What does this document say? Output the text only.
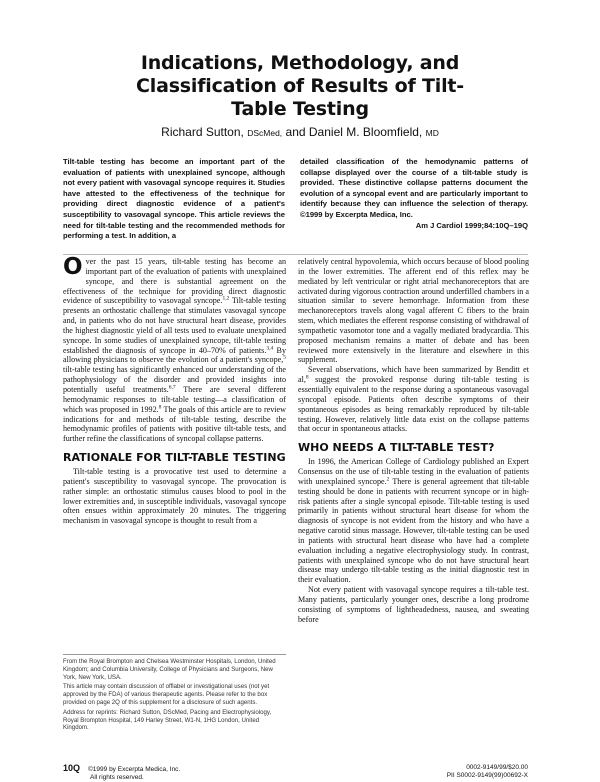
Indications, Methodology, and
Classification of Results of Tilt-
Table Testing
Richard Sutton, DScMed, and Daniel M. Bloomfield, MD
Tilt-table testing has become an important part of the evaluation of patients with unexplained syncope, although not every patient with vasovagal syncope requires it. Studies have attested to the effectiveness of the technique for providing direct diagnostic evidence of a patient's susceptibility to vasovagal syncope. This article reviews the need for tilt-table testing and the recommended methods for performing a test. In addition, a
detailed classification of the hemodynamic patterns of collapse displayed over the course of a tilt-table study is provided. These distinctive collapse patterns document the evolution of a syncopal event and are particularly important to identify because they can influence the selection of therapy. ©1999 by Excerpta Medica, Inc.
Am J Cardiol 1999;84:10Q–19Q

Over the past 15 years, tilt-table testing has become an important part of the evaluation of patients with unexplained syncope, and there is substantial agreement on the effectiveness of the technique for providing direct diagnostic evidence of susceptibility to vasovagal syncope.$^{1,2}$ Tilt-table testing presents an orthostatic challenge that stimulates vasovagal syncope and, in patients who do not have structural heart disease, provides the highest diagnostic yield of all tests used to evaluate unexplained syncope. In some studies of unexplained syncope, tilt-table testing established the diagnosis of syncope in 40–70% of patients.$^{3,4}$ By allowing physicians to observe the evolution of a patient's syncope,$^5$ tilt-table testing has significantly enhanced our understanding of the pathophysiology of the disorder and provided insights into potentially useful treatments.$^{6,7}$ There are several different hemodynamic responses to tilt-table testing—a classification of which was proposed in 1992.$^8$ The goals of this article are to review indications for and methods of tilt-table testing, describe the hemodynamic profiles of patients with positive tilt-table tests, and further refine the classifications of syncopal collapse patterns.

RATIONALE FOR TILT-TABLE TESTING

Tilt-table testing is a provocative test used to determine a patient's susceptibility to vasovagal syncope. The provocation is rather simple: an orthostatic stimulus causes blood to pool in the lower extremities and, in susceptible individuals, vasovagal syncope often ensues within approximately 20 minutes. The triggering mechanism in vasovagal syncope is thought to result from a

relatively central hypovolemia, which occurs because of blood pooling in the lower extremities. The afferent end of this reflex may be mediated by left ventricular or right atrial mechanoreceptors that are activated during vigorous contraction around underfilled chambers in a situation similar to severe hemorrhage. Information from these mechanoreceptors travels along vagal afferent C fibers to the brain stem, which mediates the efferent response consisting of withdrawal of sympathetic vasomotor tone and a vagally mediated bradycardia. This proposed mechanism remains a matter of debate and has been reviewed more extensively in the literature and elsewhere in this supplement.

Several observations, which have been summarized by Benditt et al,$^8$ suggest the provoked response during tilt-table testing is essentially equivalent to the response during a spontaneous vasovagal syncopal episode. Patients often describe symptoms of their spontaneous episodes as being remarkably reproduced by tilt-table testing. However, relatively little data exist on the collapse patterns that occur in spontaneous attacks.

WHO NEEDS A TILT-TABLE TEST?

In 1996, the American College of Cardiology published an Expert Consensus on the use of tilt-table testing in the evaluation of patients with unexplained syncope.$^2$ There is general agreement that tilt-table testing should be done in patients with recurrent syncope or in high-risk patients after a single syncopal episode. Tilt-table testing is used primarily in patients without structural heart disease for whom the diagnosis of syncope is not evident from the history and who have a negative carotid sinus massage. However, tilt-table testing can be used in patients with structural heart disease who have had a complete evaluation including a negative electrophysiology study. In contrast, patients with unexplained syncope who do not have structural heart disease may undergo tilt-table testing as the initial diagnostic test in their evaluation.

Not every patient with vasovagal syncope requires a tilt-table test. Many patients, particularly younger ones, describe a long prodrome consisting of symptoms of lightheadedness, nausea, and sweating before

From the Royal Brompton and Chelsea Westminster Hospitals, London, United Kingdom; and Columbia University, College of Physicians and Surgeons, New York, New York, USA.

This article may contain discussion of offlabel or investigational uses (not yet approved by the FDA) of various therapeutic agents. Please refer to the box provided on page 2Q of this supplement for a disclosure of such agents.

Address for reprints: Richard Sutton, DScMed, Pacing and Electrophysiology, Royal Brompton Hospital, 149 Harley Street, W1-N, 1HG London, United Kingdom.

10Q ©1999 by Excerpta Medica, Inc.
All rights reserved.
0002-9149/99/$20.00
PII S0002-9149(99)00692-X
